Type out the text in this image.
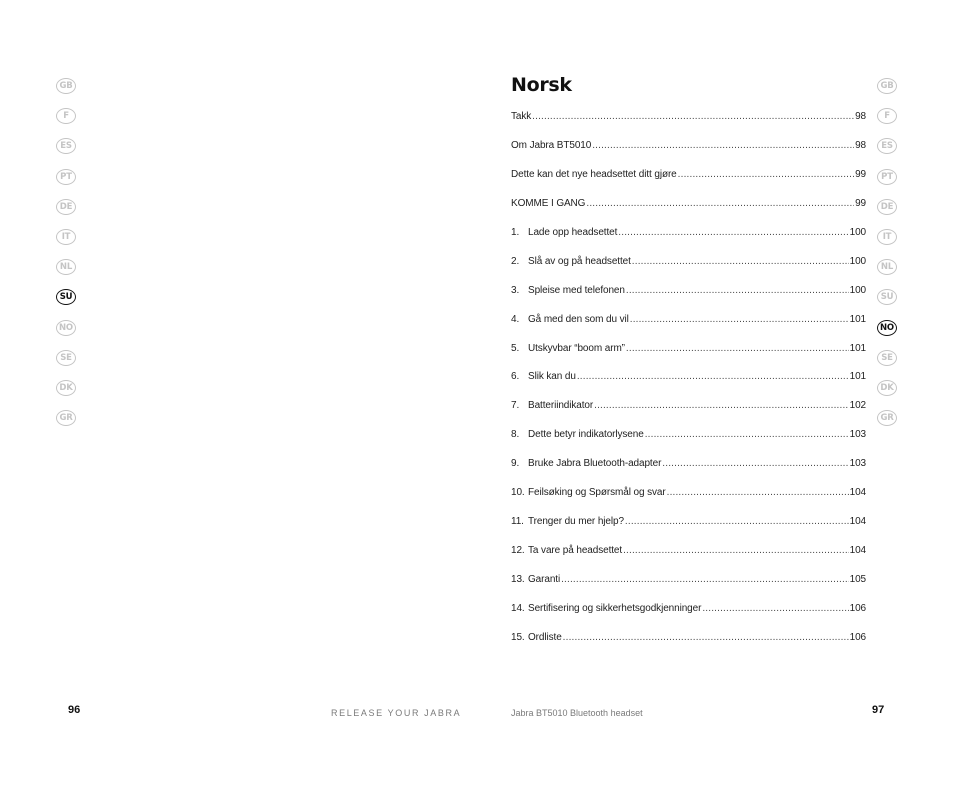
GB
F
ES
PT
DE
IT
NL
SU
NO
SE
DK
GR
GB
F
ES
PT
DE
IT
NL
SU
NO
SE
DK
GR
Norsk
Takk . . .	98
Om Jabra BT5010 . . .	98
Dette kan det nye headsettet ditt gjøre . . .	99
KOMME I GANG . . .	99
1. Lade opp headsettet . . .	100
2. Slå av og på headsettet . . .	100
3. Spleise med telefonen . . .	100
4. Gå med den som du vil . . .	101
5. Utskyvbar “boom arm” . . .	101
6. Slik kan du . . .	101
7. Batteriindikator . . .	102
8. Dette betyr indikatorlysene . . .	103
9. Bruke Jabra Bluetooth-adapter . . .	103
10. Feilsøking og Spørsmål og svar . . .	104
11. Trenger du mer hjelp? . . .	104
12. Ta vare på headsettet . . .	104
13. Garanti . . .	105
14. Sertifisering og sikkerhetsgodkjenninger . . .	106
15. Ordliste . . .	106
96	RELEASE YOUR JABRA	Jabra BT5010 Bluetooth headset	97
